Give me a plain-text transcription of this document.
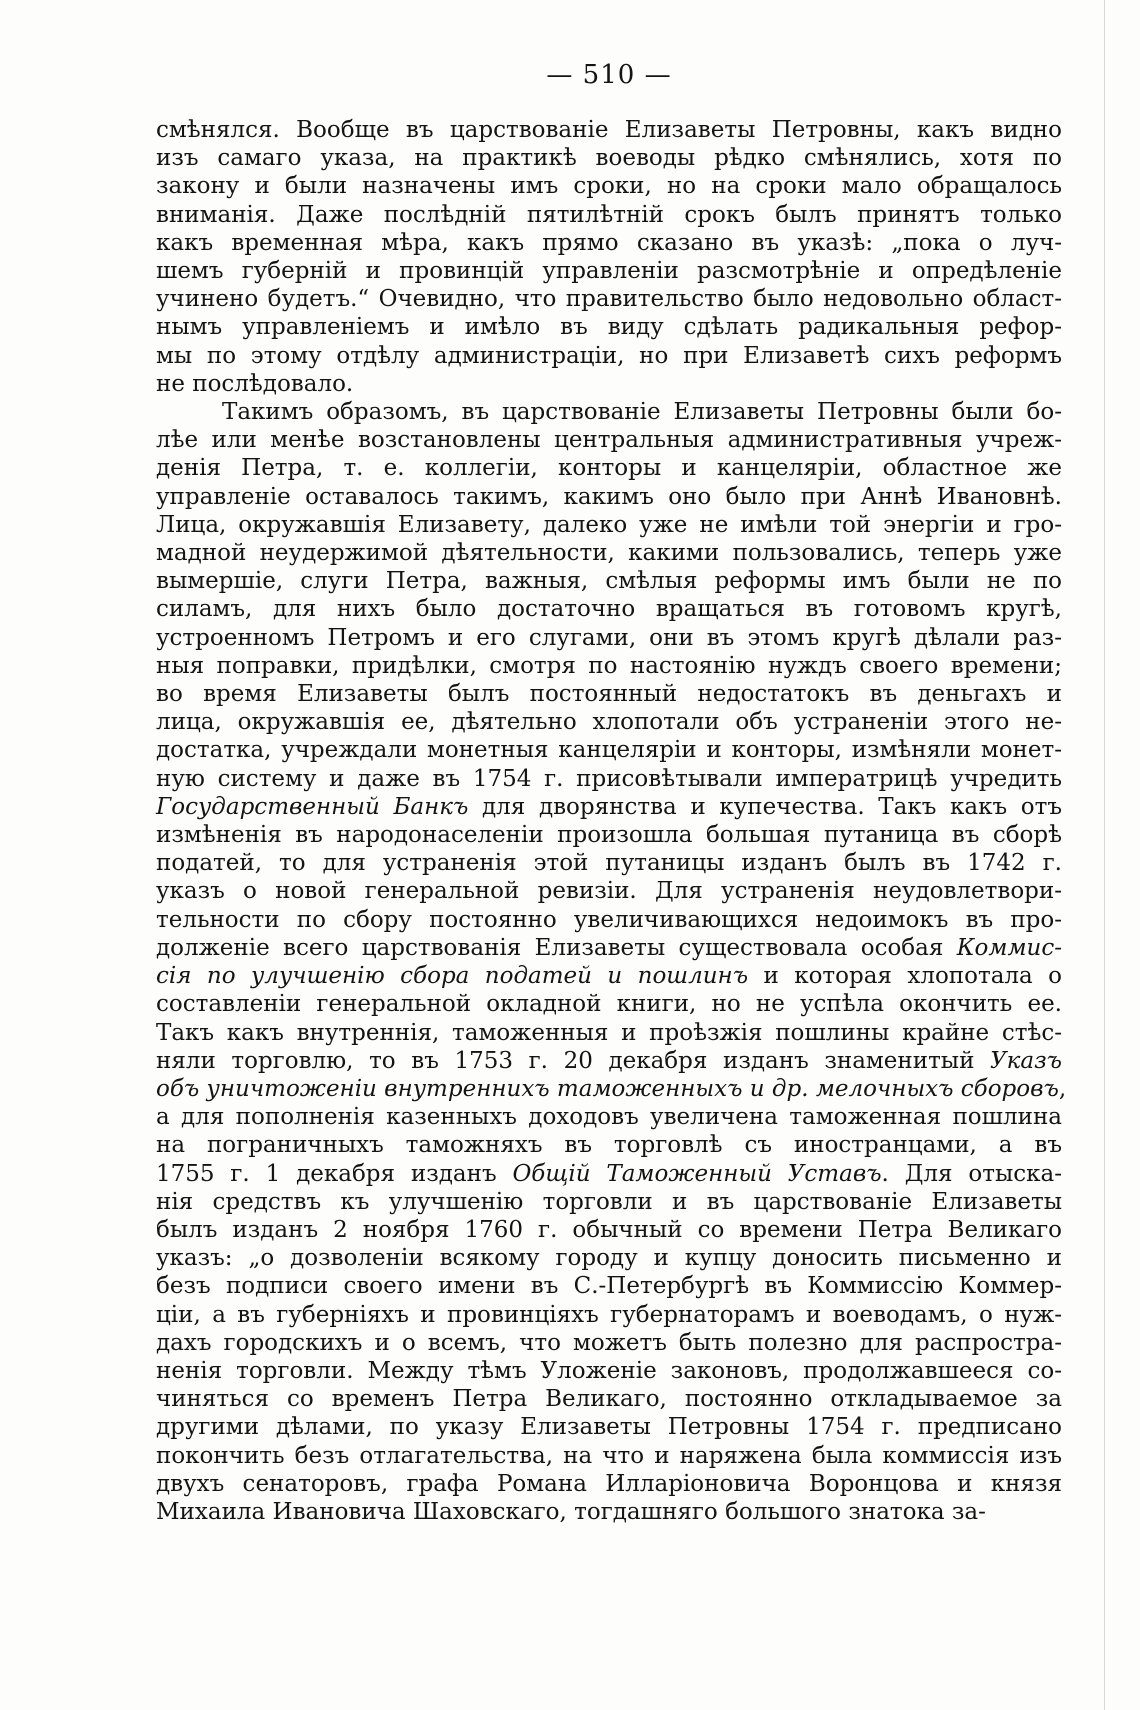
— 510 —

смѣнялся. Вообще въ царствованіе Елизаветы Петровны, какъ видно
изъ самаго указа, на практикѣ воеводы рѣдко смѣнялись, хотя по
закону и были назначены имъ сроки, но на сроки мало обращалось
вниманія. Даже послѣдній пятилѣтній срокъ былъ принятъ только
какъ временная мѣра, какъ прямо сказано въ указѣ: „пока о луч-
шемъ губерній и провинцій управленіи разсмотрѣніе и опредѣленіе
учинено будетъ.“ Очевидно, что правительство было недовольно област-
нымъ управленіемъ и имѣло въ виду сдѣлать радикальныя рефор-
мы по этому отдѣлу администраціи, но при Елизаветѣ сихъ реформъ
не послѣдовало.

Такимъ образомъ, въ царствованіе Елизаветы Петровны были бо-
лѣе или менѣе возстановлены центральныя административныя учреж-
денія Петра, т. е. коллегіи, конторы и канцеляріи, областное же
управленіе оставалось такимъ, какимъ оно было при Аннѣ Ивановнѣ.
Лица, окружавшія Елизавету, далеко уже не имѣли той энергіи и гро-
мадной неудержимой дѣятельности, какими пользовались, теперь уже
вымершіе, слуги Петра, важныя, смѣлыя реформы имъ были не по
силамъ, для нихъ было достаточно вращаться въ готовомъ кругѣ,
устроенномъ Петромъ и его слугами, они въ этомъ кругѣ дѣлали раз-
ныя поправки, придѣлки, смотря по настоянію нуждъ своего времени;
во время Елизаветы былъ постоянный недостатокъ въ деньгахъ и
лица, окружавшія ее, дѣятельно хлопотали объ устраненіи этого не-
достатка, учреждали монетныя канцеляріи и конторы, измѣняли монет-
ную систему и даже въ 1754 г. присовѣтывали императрицѣ учредить
Государственный Банкъ для дворянства и купечества. Такъ какъ отъ
измѣненія въ народонаселеніи произошла большая путаница въ сборѣ
податей, то для устраненія этой путаницы изданъ былъ въ 1742 г.
указъ о новой генеральной ревизіи. Для устраненія неудовлетвори-
тельности по сбору постоянно увеличивающихся недоимокъ въ про-
долженіе всего царствованія Елизаветы существовала особая Коммис-
сія по улучшенію сбора податей и пошлинъ и которая хлопотала о
составленіи генеральной окладной книги, но не успѣла окончить ее.
Такъ какъ внутреннія, таможенныя и проѣзжія пошлины крайне стѣс-
няли торговлю, то въ 1753 г. 20 декабря изданъ знаменитый Указъ
объ уничтоженіи внутреннихъ таможенныхъ и др. мелочныхъ сборовъ,
а для пополненія казенныхъ доходовъ увеличена таможенная пошлина
на пограничныхъ таможняхъ въ торговлѣ съ иностранцами, а въ
1755 г. 1 декабря изданъ Общій Таможенный Уставъ. Для отыска-
нія средствъ къ улучшенію торговли и въ царствованіе Елизаветы
былъ изданъ 2 ноября 1760 г. обычный со времени Петра Великаго
указъ: „о дозволеніи всякому городу и купцу доносить письменно и
безъ подписи своего имени въ С.-Петербургѣ въ Коммиссію Коммер-
ціи, а въ губерніяхъ и провинціяхъ губернаторамъ и воеводамъ, о нуж-
дахъ городскихъ и о всемъ, что можетъ быть полезно для распростра-
ненія торговли. Между тѣмъ Уложеніе законовъ, продолжавшееся со-
чиняться со временъ Петра Великаго, постоянно откладываемое за
другими дѣлами, по указу Елизаветы Петровны 1754 г. предписано
покончить безъ отлагательства, на что и наряжена была коммиссія изъ
двухъ сенаторовъ, графа Романа Илларіоновича Воронцова и князя
Михаила Ивановича Шаховскаго, тогдашняго большого знатока за-
